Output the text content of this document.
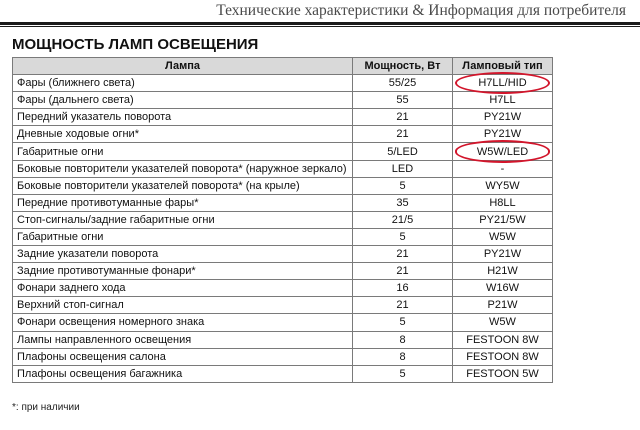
Технические характеристики & Информация для потребителя
МОЩНОСТЬ ЛАМП ОСВЕЩЕНИЯ
Лампа	Мощность, Вт	Ламповый тип
Фары (ближнего света)	55/25	H7LL/HID

Фары (дальнего света)	55	H7LL
Передний указатель поворота	21	PY21W
Дневные ходовые огни*	21	PY21W
Габаритные огни	5/LED	W5W/LED

Боковые повторители указателей поворота* (наружное зеркало)	LED	-
Боковые повторители указателей поворота* (на крыле)	5	WY5W
Передние противотуманные фары*	35	H8LL
Стоп-сигналы/задние габаритные огни	21/5	PY21/5W
Габаритные огни	5	W5W
Задние указатели поворота	21	PY21W
Задние противотуманные фонари*	21	H21W
Фонари заднего хода	16	W16W
Верхний стоп-сигнал	21	P21W
Фонари освещения номерного знака	5	W5W
Лампы направленного освещения	8	FESTOON 8W
Плафоны освещения салона	8	FESTOON 8W
Плафоны освещения багажника	5	FESTOON 5W
*: при наличии
